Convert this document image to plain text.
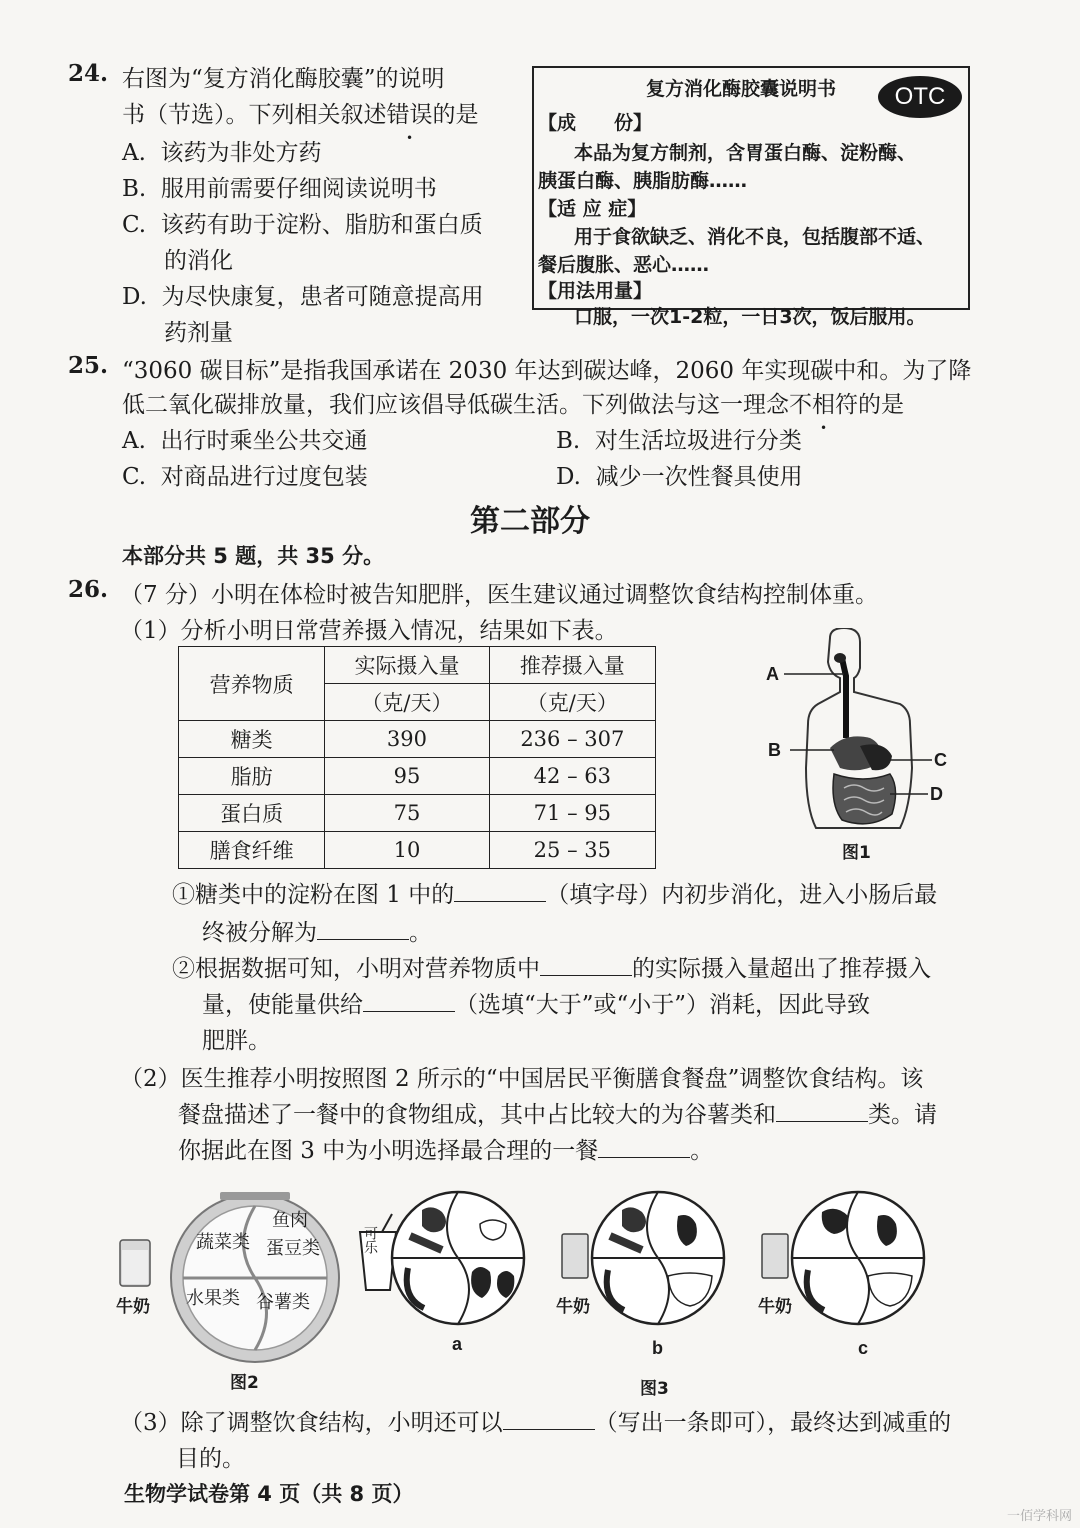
24. 右图为“复方消化酶胶囊”的说明
书（节选）。下列相关叙述错误的是
A. 该药为非处方药
B. 服用前需要仔细阅读说明书
C. 该药有助于淀粉、脂肪和蛋白质
的消化
D. 为尽快康复，患者可随意提高用
药剂量
复方消化酶胶囊说明书	OTC
【成　　份】
本品为复方制剂，含胃蛋白酶、淀粉酶、
胰蛋白酶、胰脂肪酶……
【适 应 症】
用于食欲缺乏、消化不良，包括腹部不适、
餐后腹胀、恶心……
【用法用量】
口服，一次1-2粒，一日3次，饭后服用。
25. “3060 碳目标”是指我国承诺在 2030 年达到碳达峰，2060 年实现碳中和。为了降
低二氧化碳排放量，我们应该倡导低碳生活。下列做法与这一理念不相符的是
A. 出行时乘坐公共交通	B. 对生活垃圾进行分类
C. 对商品进行过度包装	D. 减少一次性餐具使用
第二部分
本部分共 5 题，共 35 分。
26. （7 分）小明在体检时被告知肥胖，医生建议通过调整饮食结构控制体重。
（1）分析小明日常营养摄入情况，结果如下表。
营养物质	实际摄入量	推荐摄入量
	（克/天）	（克/天）
糖类	390	236 – 307
脂肪	95	42 – 63
蛋白质	75	71 – 95
膳食纤维	10	25 – 35
A
B	C
D
图1
①糖类中的淀粉在图 1 中的	（填字母）内初步消化，进入小肠后最
终被分解为	。
②根据数据可知，小明对营养物质中	的实际摄入量超出了推荐摄入
量，使能量供给	（选填“大于”或“小于”）消耗，因此导致
肥胖。
（2）医生推荐小明按照图 2 所示的“中国居民平衡膳食餐盘”调整饮食结构。该
餐盘描述了一餐中的食物组成，其中占比较大的为谷薯类和	类。请
你据此在图 3 中为小明选择最合理的一餐	。
牛奶
蔬菜类
鱼肉
蛋豆类
水果类 谷薯类
图2
可乐
牛奶	牛奶
a	b	c
图3
（3）除了调整饮食结构，小明还可以	（写出一条即可），最终达到减重的
目的。
生物学试卷第 4 页（共 8 页）
一佰学科网
